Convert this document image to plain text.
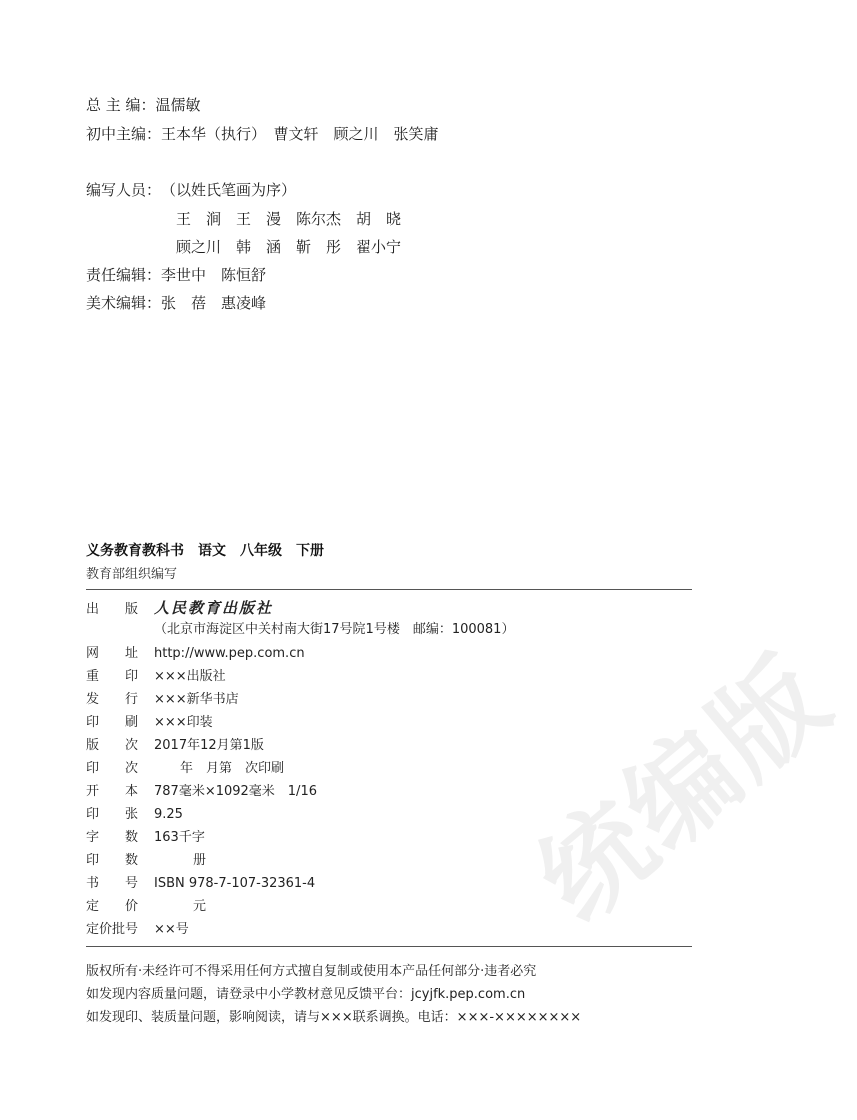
总 主 编：温儒敏
初中主编：王本华（执行）　曹文轩　顾之川　张笑庸
编写人员：（以姓氏笔画为序）
王　涧　王　漫　陈尔杰　胡　晓
顾之川　韩　涵　靳　彤　翟小宁
责任编辑：李世中　陈恒舒
美术编辑：张　蓓　惠凌峰
统编版
义务教育教科书　语文　八年级　下册
教育部组织编写
出　　版 人民教育出版社
（北京市海淀区中关村南大街17号院1号楼　邮编：100081）
网　　址 http://www.pep.com.cn
重　　印 ×××出版社
发　　行 ×××新华书店
印　　刷 ×××印装
版　　次 2017年12月第1版
印　　次　　年　月第　次印刷
开　　本 787毫米×1092毫米　1/16
印　　张 9.25
字　　数 163千字
印　　数　　　册
书　　号 ISBN 978-7-107-32361-4
定　　价　　　元
定价批号 ××号
版权所有·未经许可不得采用任何方式擅自复制或使用本产品任何部分·违者必究
如发现内容质量问题，请登录中小学教材意见反馈平台：jcyjfk.pep.com.cn
如发现印、装质量问题，影响阅读，请与×××联系调换。电话：×××-××××××××
